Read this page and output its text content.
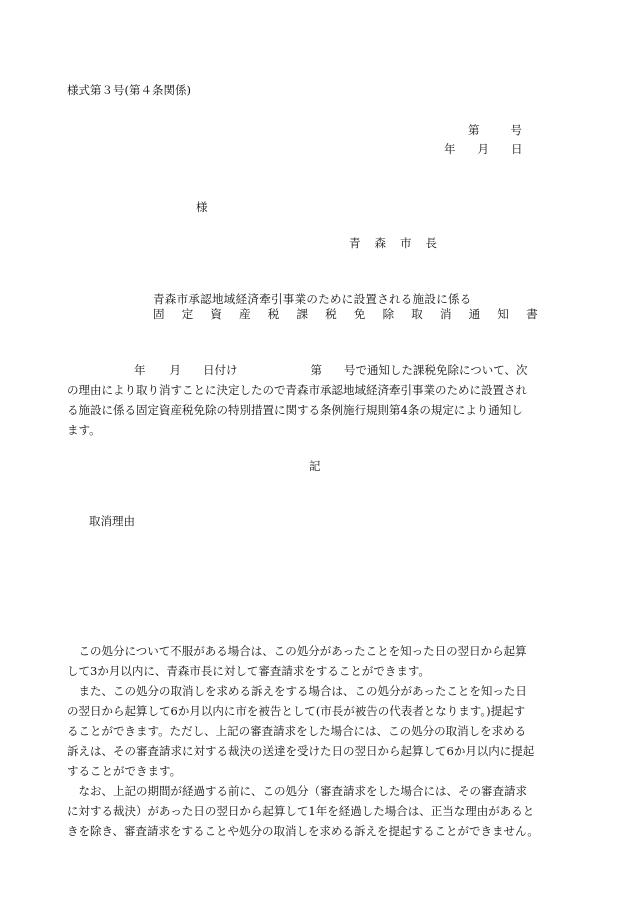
様式第３号(第４条関係)
第	号
年 月 日
様
青森市長
青森市承認地域経済牽引事業のために設置される施設に係る
固定資産税課税免除取消通知書
年 月 日付け	第 号で通知した課税免除について、次
の理由により取り消すことに決定したので青森市承認地域経済牽引事業のために設置され
る施設に係る固定資産税免除の特別措置に関する条例施行規則第4条の規定により通知し
ます。
記
取消理由
　この処分について不服がある場合は、この処分があったことを知った日の翌日から起算
して3か月以内に、青森市長に対して審査請求をすることができます。
　また、この処分の取消しを求める訴えをする場合は、この処分があったことを知った日
の翌日から起算して6か月以内に市を被告として(市長が被告の代表者となります。)提起す
ることができます。ただし、上記の審査請求をした場合には、この処分の取消しを求める
訴えは、その審査請求に対する裁決の送達を受けた日の翌日から起算して6か月以内に提起
することができます。
　なお、上記の期間が経過する前に、この処分（審査請求をした場合には、その審査請求
に対する裁決）があった日の翌日から起算して1年を経過した場合は、正当な理由があると
きを除き、審査請求をすることや処分の取消しを求める訴えを提起することができません。
